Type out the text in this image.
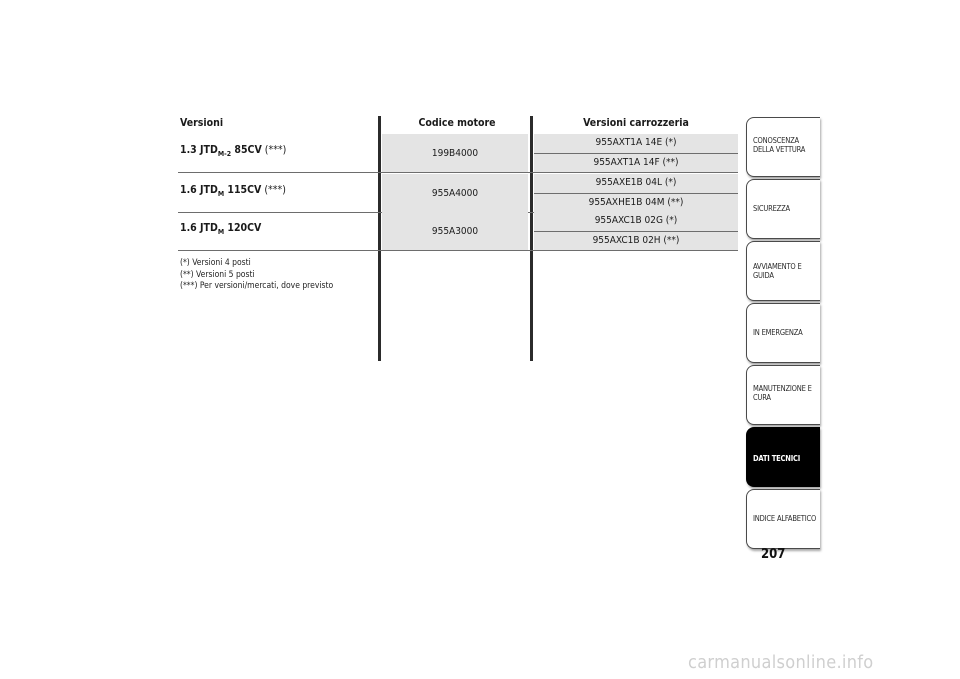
Versioni	Codice motore	Versioni carrozzeria
1.3 $JTD_{M-2}$ 85CV (***)	199B4000
955AXT1A 14E (*)
955AXT1A 14F (**)
1.6 $JTD_M$ 115CV (***)	955A4000
955AXE1B 04L (*)
955AXHE1B 04M (**)
1.6 $JTD_M$ 120CV	955A3000
955AXC1B 02G (*)
955AXC1B 02H (**)
(*) Versioni 4 posti
(**) Versioni 5 posti
(***) Per versioni/mercati, dove previsto
CONOSCENZA
DELLA VETTURA
SICUREZZA
AVVIAMENTO E
GUIDA
IN EMERGENZA
MANUTENZIONE E
CURA
DATI TECNICI
INDICE ALFABETICO
207
carmanualsonline.info
